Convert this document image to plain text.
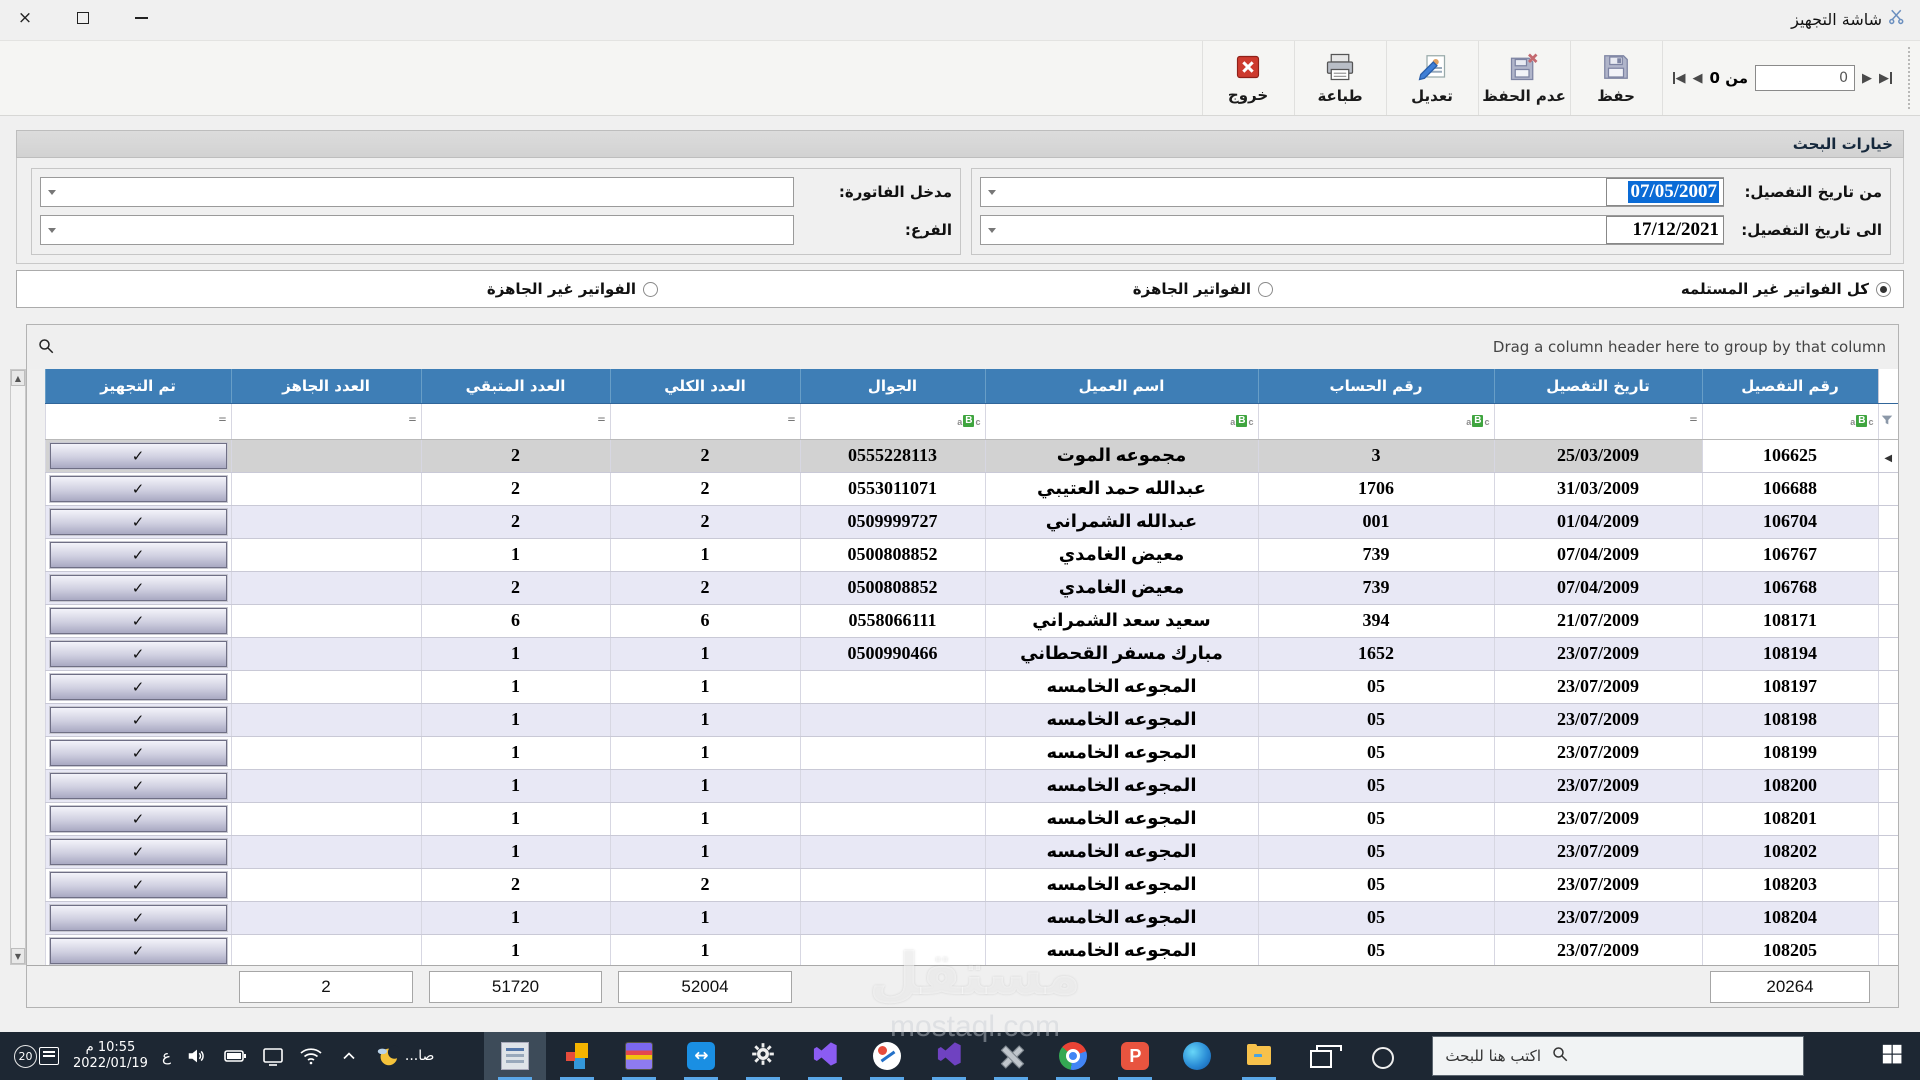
×	شاشة التجهيز
◀ ◀ من 0	0	▶ ▶
حفظ
عدم الحفظ
تعديل
طباعة
خروج
خيارات البحث
من تاريخ التفصيل:
07/05/2007
الى تاريخ التفصيل:
17/12/2021
مدخل الفاتورة:
الفرع:
كل الفواتير غير المستلمه
الفواتير الجاهزة
الفواتير غير الجاهزة
Drag a column header here to group by that column
	رقم التفصيل	تاريخ التفصيل	رقم الحساب	اسم العميل	الجوال	العدد الكلي	العدد المتبقي	العدد الجاهز	تم التجهيز

a B c	=	a B c	a B c	a B c	=	=	=	=

◀	106625	25/03/2009	3	مجموعه الموت	0555228113	2	2		✓

	106688	31/03/2009	1706	عبدالله حمد العتيبي	0553011071	2	2		✓

	106704	01/04/2009	001	عبدالله الشمراني	0509999727	2	2		✓

	106767	07/04/2009	739	معيض الغامدي	0500808852	1	1		✓

	106768	07/04/2009	739	معيض الغامدي	0500808852	2	2		✓

	108171	21/07/2009	394	سعيد سعد الشمراني	0558066111	6	6		✓

	108194	23/07/2009	1652	مبارك مسفر القحطاني	0500990466	1	1		✓

	108197	23/07/2009	05	المجوعه الخامسه		1	1		✓

	108198	23/07/2009	05	المجوعه الخامسه		1	1		✓

	108199	23/07/2009	05	المجوعه الخامسه		1	1		✓

	108200	23/07/2009	05	المجوعه الخامسه		1	1		✓

	108201	23/07/2009	05	المجوعه الخامسه		1	1		✓

	108202	23/07/2009	05	المجوعه الخامسه		1	1		✓

	108203	23/07/2009	05	المجوعه الخامسه		2	2		✓

	108204	23/07/2009	05	المجوعه الخامسه		1	1		✓

	108205	23/07/2009	05	المجوعه الخامسه		1	1		✓
▲
▼
20264
52004
51720
2
20
10:55 م
2022/01/19 ع	صا...	↔	P	اكتب هنا للبحث
مستقل
mostaql.com
